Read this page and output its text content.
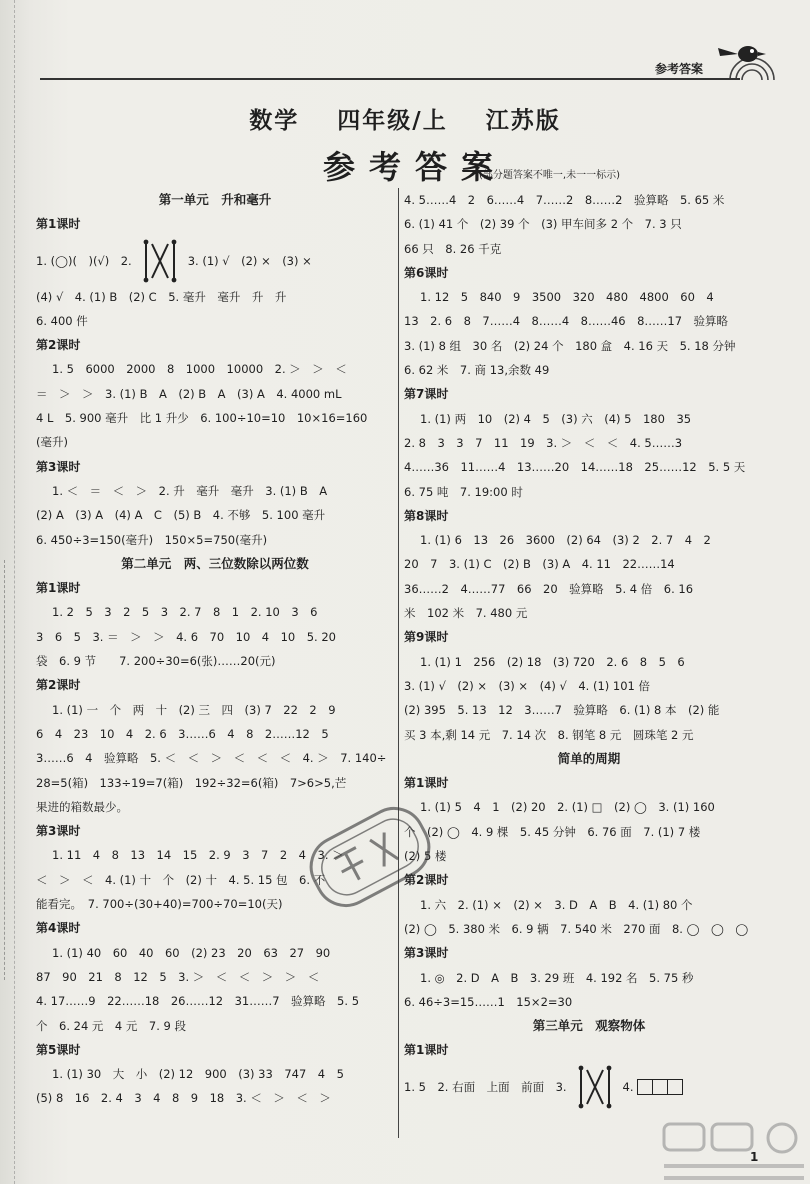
参考答案
数学 四年级/上 江苏版
参考答案
(部分题答案不唯一,未一一标示)
第一单元　升和毫升
第1课时
1. (◯)(　)(√)　2.	3. (1) √　(2) ×　(3) ×
(4) √　4. (1) B　(2) C　5. 毫升　毫升　升　升
6. 400 件
第2课时
1. 5　6000　2000　8　1000　10000　2. ＞　＞　＜
＝　＞　＞　3. (1) B　A　(2) B　A　(3) A　4. 4000 mL
4 L　5. 900 毫升　比 1 升少　6. 100÷10=10　10×16=160
(毫升)
第3课时
1. ＜　＝　＜　＞　2. 升　毫升　毫升　3. (1) B　A
(2) A　(3) A　(4) A　C　(5) B　4. 不够　5. 100 毫升
6. 450÷3=150(毫升)　150×5=750(毫升)
第二单元　两、三位数除以两位数
第1课时
1. 2　5　3　2　5　3　2. 7　8　1　2. 10　3　6
3　6　5　3. ＝　＞　＞　4. 6　70　10　4　10　5. 20
袋　6. 9 节　　7. 200÷30=6(张)……20(元)
第2课时
1. (1) 一　个　两　十　(2) 三　四　(3) 7　22　2　9
6　4　23　10　4　2. 6　3……6　4　8　2……12　5
3……6　4　验算略　5. ＜　＜　＞　＜　＜　＜　4. ＞　7. 140÷
28=5(箱)　133÷19=7(箱)　192÷32=6(箱)　7>6>5,芒
果进的箱数最少。
第3课时
1. 11　4　8　13　14　15　2. 9　3　7　2　4　3. ＞
＜　＞　＜　4. (1) 十　个　(2) 十　4. 5. 15 包　6. 不
能看完。　7. 700÷(30+40)=700÷70=10(天)
第4课时
1. (1) 40　60　40　60　(2) 23　20　63　27　90
87　90　21　8　12　5　3. ＞　＜　＜　＞　＞　＜
4. 17……9　22……18　26……12　31……7　验算略　5. 5
个　6. 24 元　4 元　7. 9 段
第5课时
1. (1) 30　大　小　(2) 12　900　(3) 33　747　4　5
(5) 8　16　2. 4　3　4　8　9　18　3. ＜　＞　＜　＞
4. 5……4　2　6……4　7……2　8……2　验算略　5. 65 米
6. (1) 41 个　(2) 39 个　(3) 甲车间多 2 个　7. 3 只
66 只　8. 26 千克
第6课时
1. 12　5　840　9　3500　320　480　4800　60　4
13　2. 6　8　7……4　8……4　8……46　8……17　验算略
3. (1) 8 组　30 名　(2) 24 个　180 盒　4. 16 天　5. 18 分钟
6. 62 米　7. 商 13,余数 49
第7课时
1. (1) 两　10　(2) 4　5　(3) 六　(4) 5　180　35
2. 8　3　3　7　11　19　3. ＞　＜　＜　4. 5……3
4……36　11……4　13……20　14……18　25……12　5. 5 天
6. 75 吨　7. 19:00 时
第8课时
1. (1) 6　13　26　3600　(2) 64　(3) 2　2. 7　4　2
20　7　3. (1) C　(2) B　(3) A　4. 11　22……14
36……2　4……77　66　20　验算略　5. 4 倍　6. 16
米　102 米　7. 480 元
第9课时
1. (1) 1　256　(2) 18　(3) 720　2. 6　8　5　6
3. (1) √　(2) ×　(3) ×　(4) √　4. (1) 101 倍
(2) 395　5. 13　12　3……7　验算略　6. (1) 8 本　(2) 能
买 3 本,剩 14 元　7. 14 次　8. 钢笔 8 元　圆珠笔 2 元
简单的周期
第1课时
1. (1) 5　4　1　(2) 20　2. (1) □　(2) ◯　3. (1) 160
个　(2) ◯　4. 9 棵　5. 45 分钟　6. 76 面　7. (1) 7 楼
(2) 5 楼
第2课时
1. 六　2. (1) ×　(2) ×　3. D　A　B　4. (1) 80 个
(2) ◯　5. 380 米　6. 9 辆　7. 540 米　270 面　8. ◯　◯　◯
第3课时
1. ◎　2. D　A　B　3. 29 班　4. 192 名　5. 75 秒
6. 46÷3=15……1　15×2=30
第三单元　观察物体
第1课时
1. 5　2. 右面　上面　前面　3.	4.
1
